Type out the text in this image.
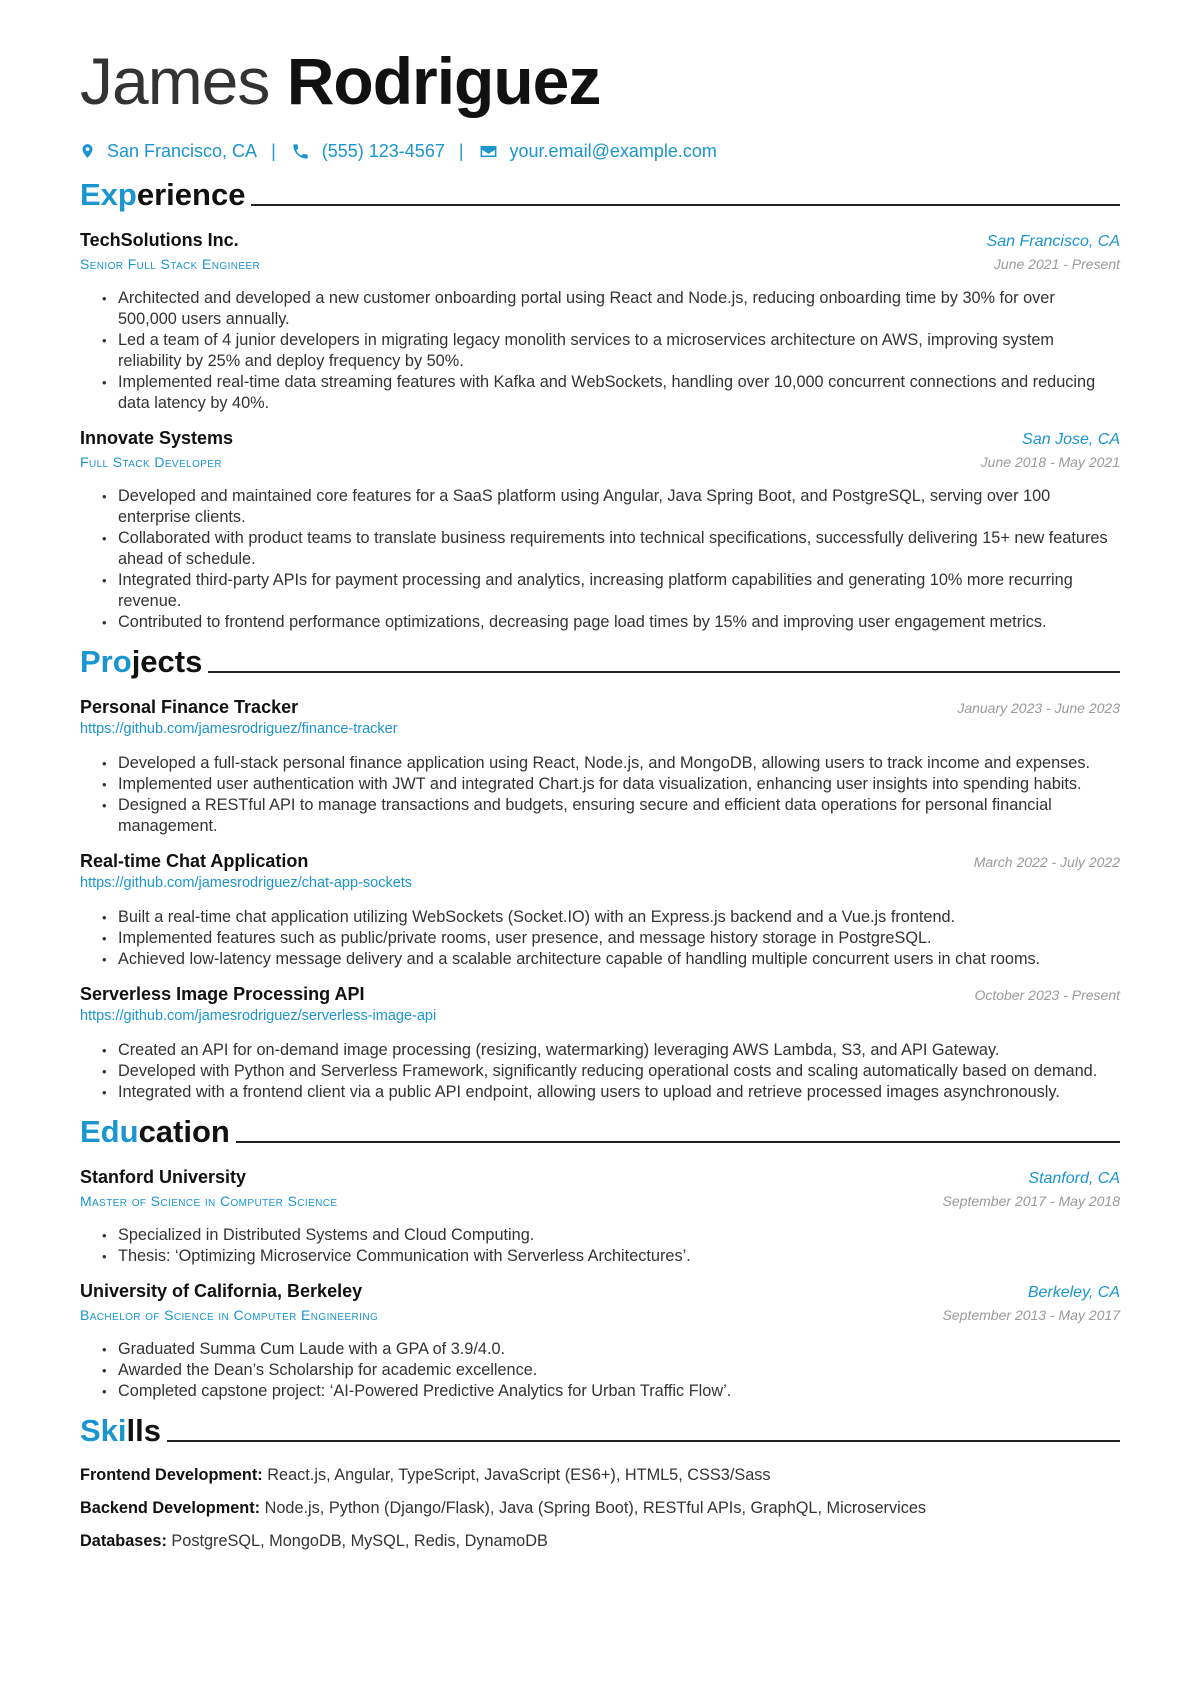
James Rodriguez
San Francisco, CA |	(555) 123-4567 |	your.email@example.com
Experience
TechSolutions Inc.	San Francisco, CA
Senior Full Stack Engineer	June 2021 - Present
• Architected and developed a new customer onboarding portal using React and Node.js, reducing onboarding time by 30% for over 500,000 users annually.
• Led a team of 4 junior developers in migrating legacy monolith services to a microservices architecture on AWS, improving system reliability by 25% and deploy frequency by 50%.
• Implemented real-time data streaming features with Kafka and WebSockets, handling over 10,000 concurrent connections and reducing data latency by 40%.
Innovate Systems	San Jose, CA
Full Stack Developer	June 2018 - May 2021
• Developed and maintained core features for a SaaS platform using Angular, Java Spring Boot, and PostgreSQL, serving over 100 enterprise clients.
• Collaborated with product teams to translate business requirements into technical specifications, successfully delivering 15+ new features ahead of schedule.
• Integrated third-party APIs for payment processing and analytics, increasing platform capabilities and generating 10% more recurring revenue.
• Contributed to frontend performance optimizations, decreasing page load times by 15% and improving user engagement metrics.
Projects
Personal Finance Tracker	January 2023 - June 2023
https://github.com/jamesrodriguez/finance-tracker
• Developed a full-stack personal finance application using React, Node.js, and MongoDB, allowing users to track income and expenses.
• Implemented user authentication with JWT and integrated Chart.js for data visualization, enhancing user insights into spending habits.
• Designed a RESTful API to manage transactions and budgets, ensuring secure and efficient data operations for personal financial management.
Real-time Chat Application	March 2022 - July 2022
https://github.com/jamesrodriguez/chat-app-sockets
• Built a real-time chat application utilizing WebSockets (Socket.IO) with an Express.js backend and a Vue.js frontend.
• Implemented features such as public/private rooms, user presence, and message history storage in PostgreSQL.
• Achieved low-latency message delivery and a scalable architecture capable of handling multiple concurrent users in chat rooms.
Serverless Image Processing API	October 2023 - Present
https://github.com/jamesrodriguez/serverless-image-api
• Created an API for on-demand image processing (resizing, watermarking) leveraging AWS Lambda, S3, and API Gateway.
• Developed with Python and Serverless Framework, significantly reducing operational costs and scaling automatically based on demand.
• Integrated with a frontend client via a public API endpoint, allowing users to upload and retrieve processed images asynchronously.
Education
Stanford University	Stanford, CA
Master of Science in Computer Science	September 2017 - May 2018
• Specialized in Distributed Systems and Cloud Computing.
• Thesis: ‘Optimizing Microservice Communication with Serverless Architectures’.
University of California, Berkeley	Berkeley, CA
Bachelor of Science in Computer Engineering	September 2013 - May 2017
• Graduated Summa Cum Laude with a GPA of 3.9/4.0.
• Awarded the Dean’s Scholarship for academic excellence.
• Completed capstone project: ‘AI-Powered Predictive Analytics for Urban Traffic Flow’.
Skills
Frontend Development: React.js, Angular, TypeScript, JavaScript (ES6+), HTML5, CSS3/Sass
Backend Development: Node.js, Python (Django/Flask), Java (Spring Boot), RESTful APIs, GraphQL, Microservices
Databases: PostgreSQL, MongoDB, MySQL, Redis, DynamoDB
